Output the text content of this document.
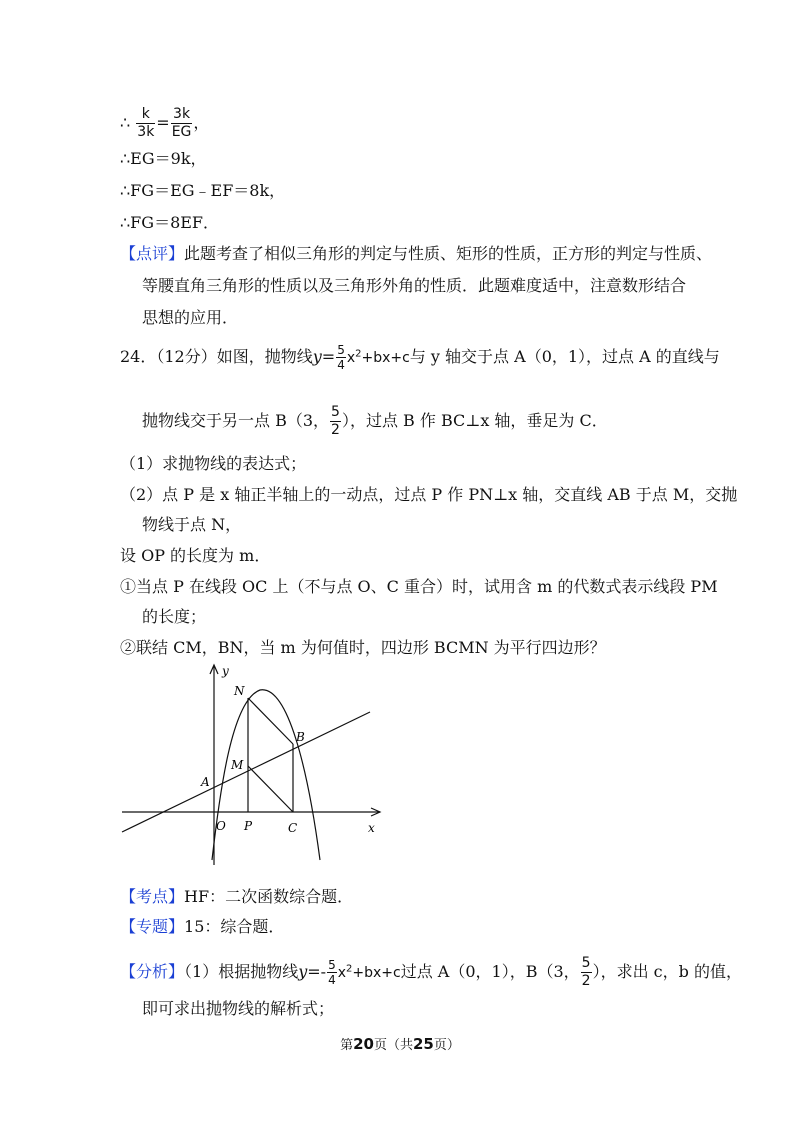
∴ $\frac{k}{3k} = \frac{3k}{EG}$ ，
∴EG＝9k，
∴FG＝EG﹣EF＝8k，
∴FG＝8EF．
【点评】此题考查了相似三角形的判定与性质、矩形的性质，正方形的判定与性质、
等腰直角三角形的性质以及三角形外角的性质．此题难度适中，注意数形结合
思想的应用．
24．（12分）如图，抛物线$y= \frac{5}{4} x^2+bx+c$与 y 轴交于点 A（0，1），过点 A 的直线与
抛物线交于另一点 B（3， $\frac{5}{2}$ ），过点 B 作 BC⊥x 轴，垂足为 C．
（1）求抛物线的表达式；
（2）点 P 是 x 轴正半轴上的一动点，过点 P 作 PN⊥x 轴，交直线 AB 于点 M，交抛
物线于点 N，
设 OP 的长度为 m．
①当点 P 在线段 OC 上（不与点 O、C 重合）时，试用含 m 的代数式表示线段 PM
的长度；
②联结 CM，BN，当 m 为何值时，四边形 BCMN 为平行四边形？
y
x
N
B
M
A
O P	C
【考点】HF：二次函数综合题．
【专题】15：综合题．
【分析】（1）根据抛物线$y=- \frac{5}{4} x^2+bx+c$过点 A（0，1），B（3， $\frac{5}{2}$ ），求出 c，b 的值，
即可求出抛物线的解析式；
第20页（共25页）
